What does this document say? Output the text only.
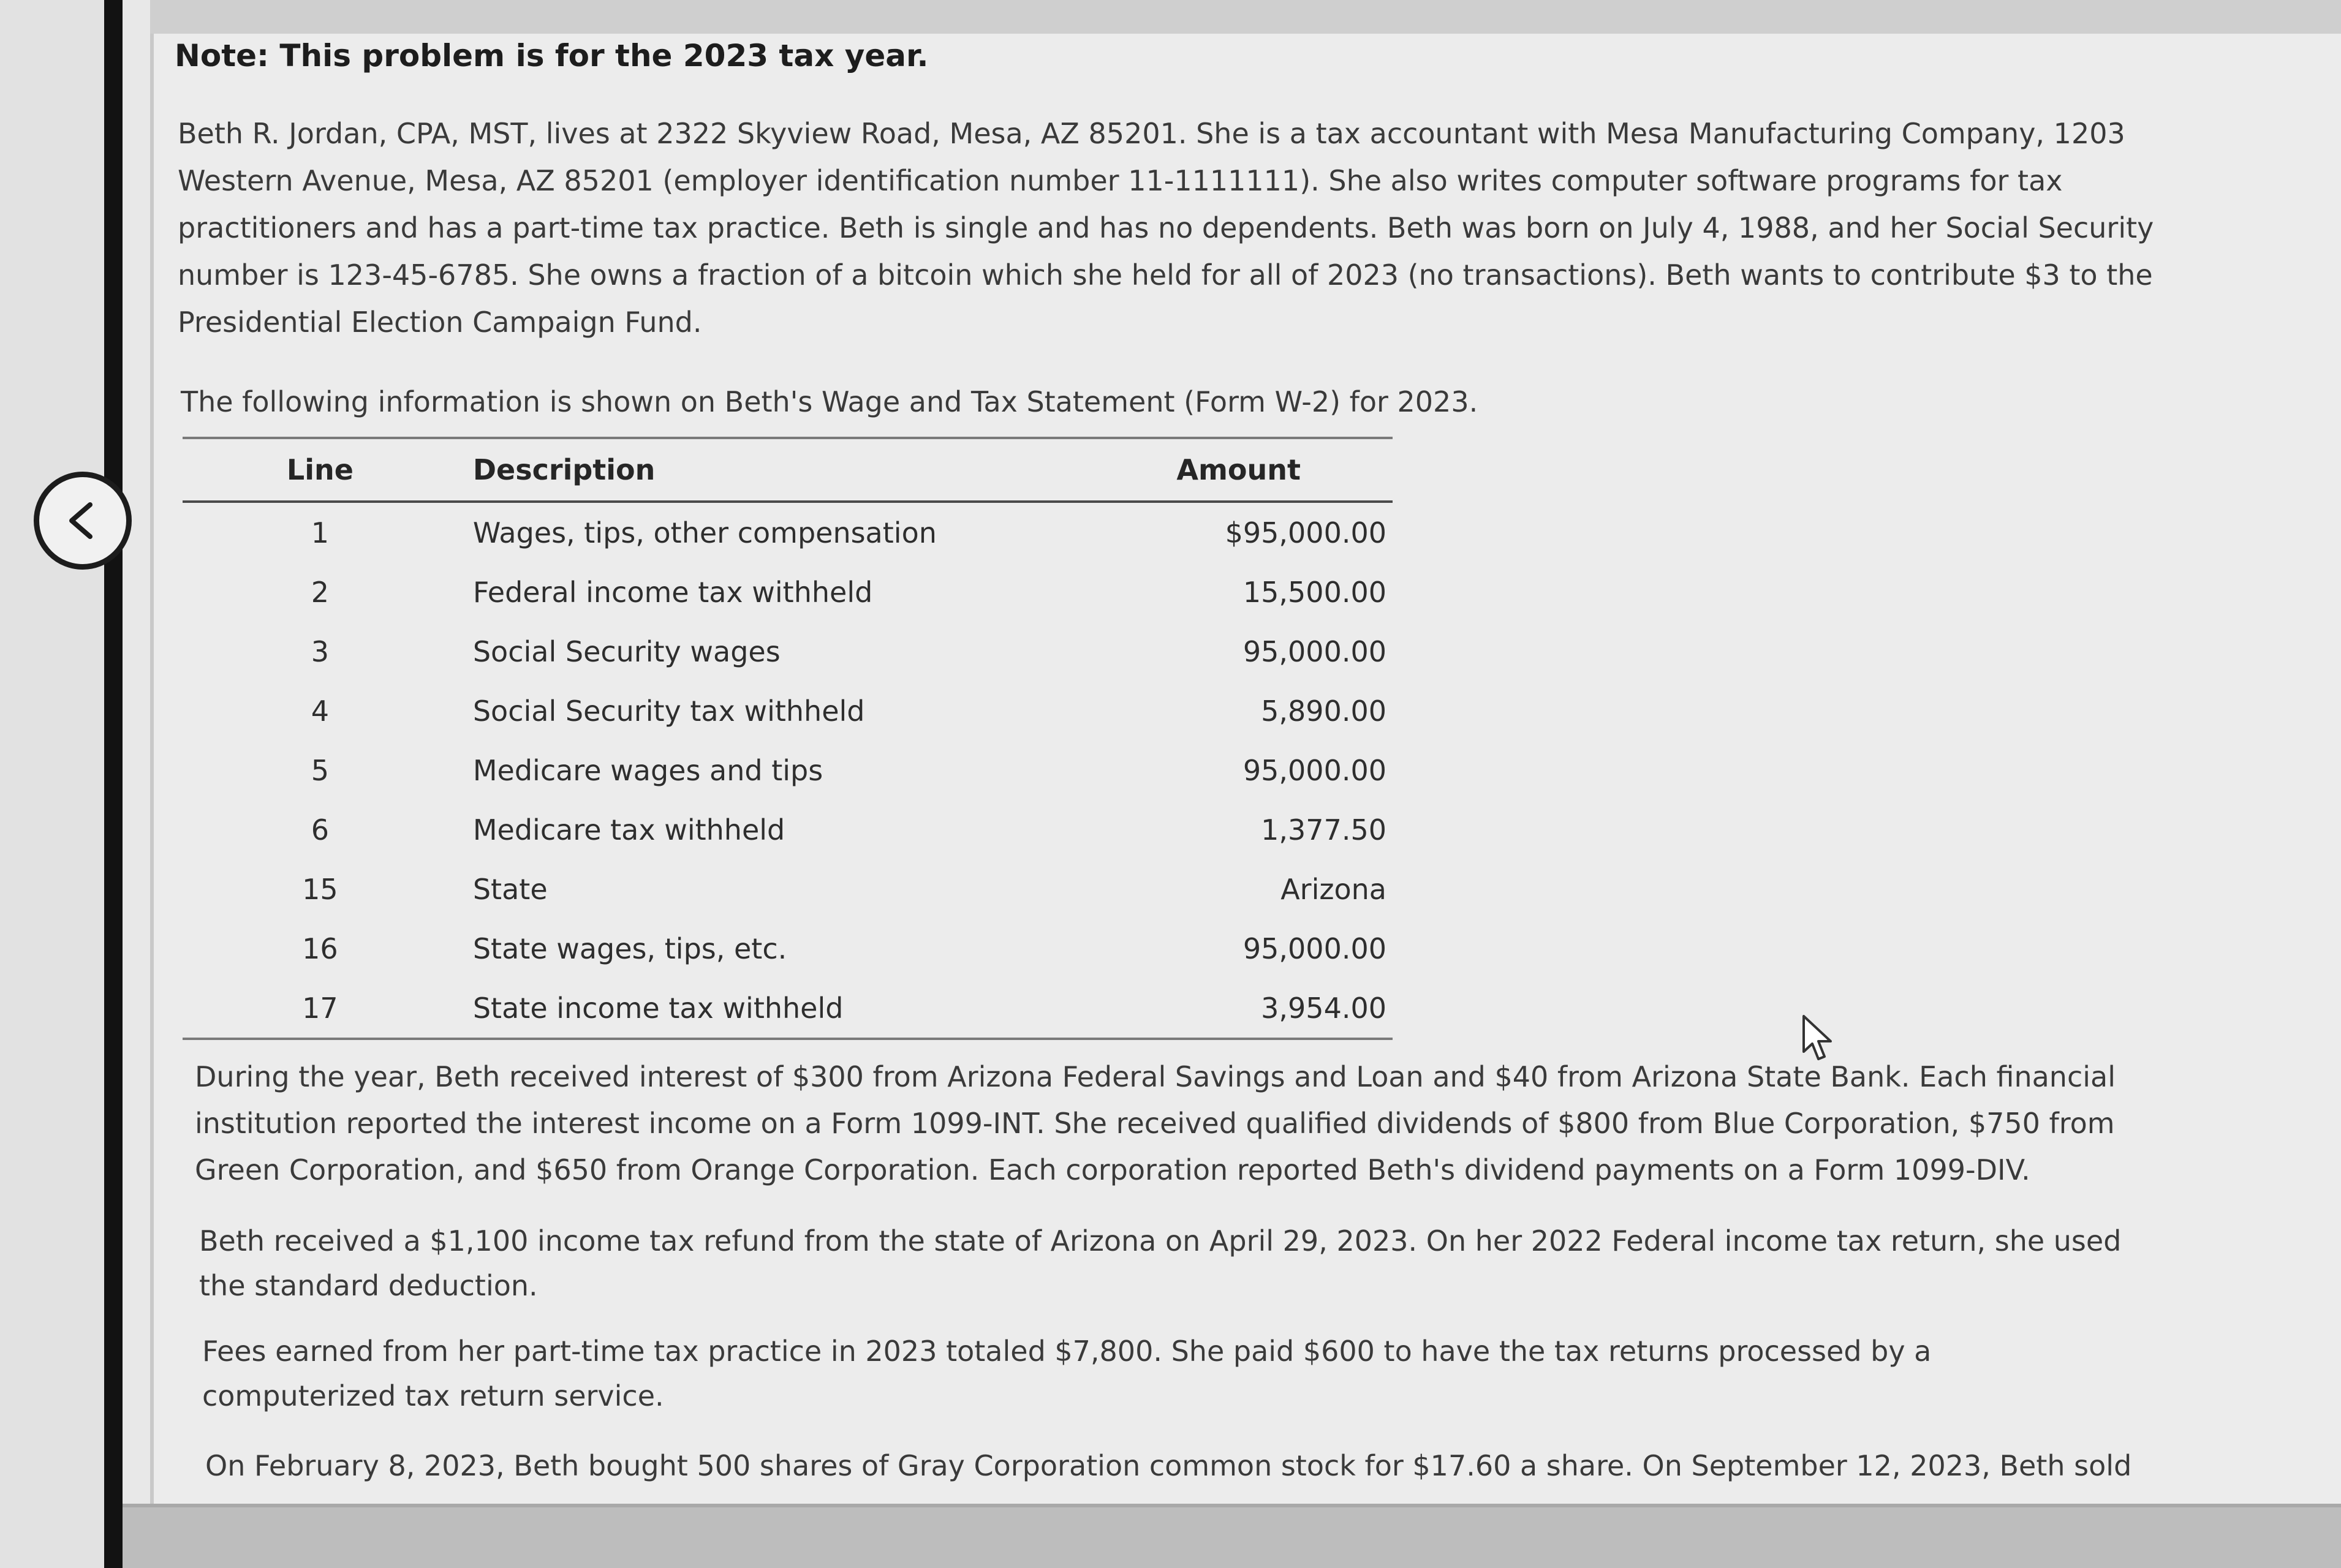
Note: This problem is for the 2023 tax year.

Beth R. Jordan, CPA, MST, lives at 2322 Skyview Road, Mesa, AZ 85201. She is a tax accountant with Mesa Manufacturing Company, 1203 Western Avenue, Mesa, AZ 85201 (employer identification number 11-1111111). She also writes computer software programs for tax practitioners and has a part-time tax practice. Beth is single and has no dependents. Beth was born on July 4, 1988, and her Social Security number is 123-45-6785. She owns a fraction of a bitcoin which she held for all of 2023 (no transactions). Beth wants to contribute $3 to the Presidential Election Campaign Fund.

The following information is shown on Beth's Wage and Tax Statement (Form W-2) for 2023.

Line	Description	Amount
1	Wages, tips, other compensation	$95,000.00
2	Federal income tax withheld	15,500.00
3	Social Security wages	95,000.00
4	Social Security tax withheld	5,890.00
5	Medicare wages and tips	95,000.00
6	Medicare tax withheld	1,377.50
15	State	Arizona
16	State wages, tips, etc.	95,000.00
17	State income tax withheld	3,954.00

During the year, Beth received interest of $300 from Arizona Federal Savings and Loan and $40 from Arizona State Bank. Each financial institution reported the interest income on a Form 1099-INT. She received qualified dividends of $800 from Blue Corporation, $750 from Green Corporation, and $650 from Orange Corporation. Each corporation reported Beth's dividend payments on a Form 1099-DIV.

Beth received a $1,100 income tax refund from the state of Arizona on April 29, 2023. On her 2022 Federal income tax return, she used the standard deduction.

Fees earned from her part-time tax practice in 2023 totaled $7,800. She paid $600 to have the tax returns processed by a computerized tax return service.

On February 8, 2023, Beth bought 500 shares of Gray Corporation common stock for $17.60 a share. On September 12, 2023, Beth sold
